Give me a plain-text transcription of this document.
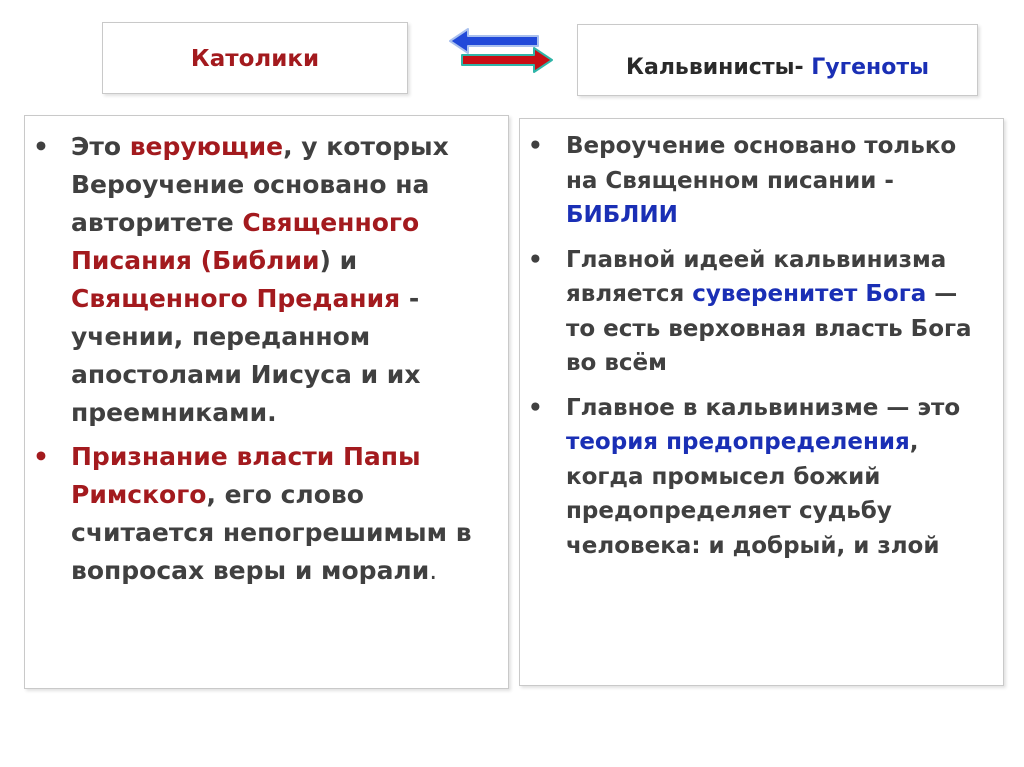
Католики	Кальвинисты- Гугеноты
• Это верующие, у которых Вероучение основано на авторитете Священного Писания (Библии) и Священного Предания - учении, переданном апостолами Иисуса и их преемниками.
• Признание власти Папы Римского, его слово считается непогрешимым в вопросах веры и морали.
• Вероучение основано только на Священном писании - БИБЛИИ
• Главной идеей кальвинизма является суверенитет Бога — то есть верховная власть Бога во всём
• Главное в кальвинизме — это теория предопределения, когда промысел божий предопределяет судьбу человека: и добрый, и злой
